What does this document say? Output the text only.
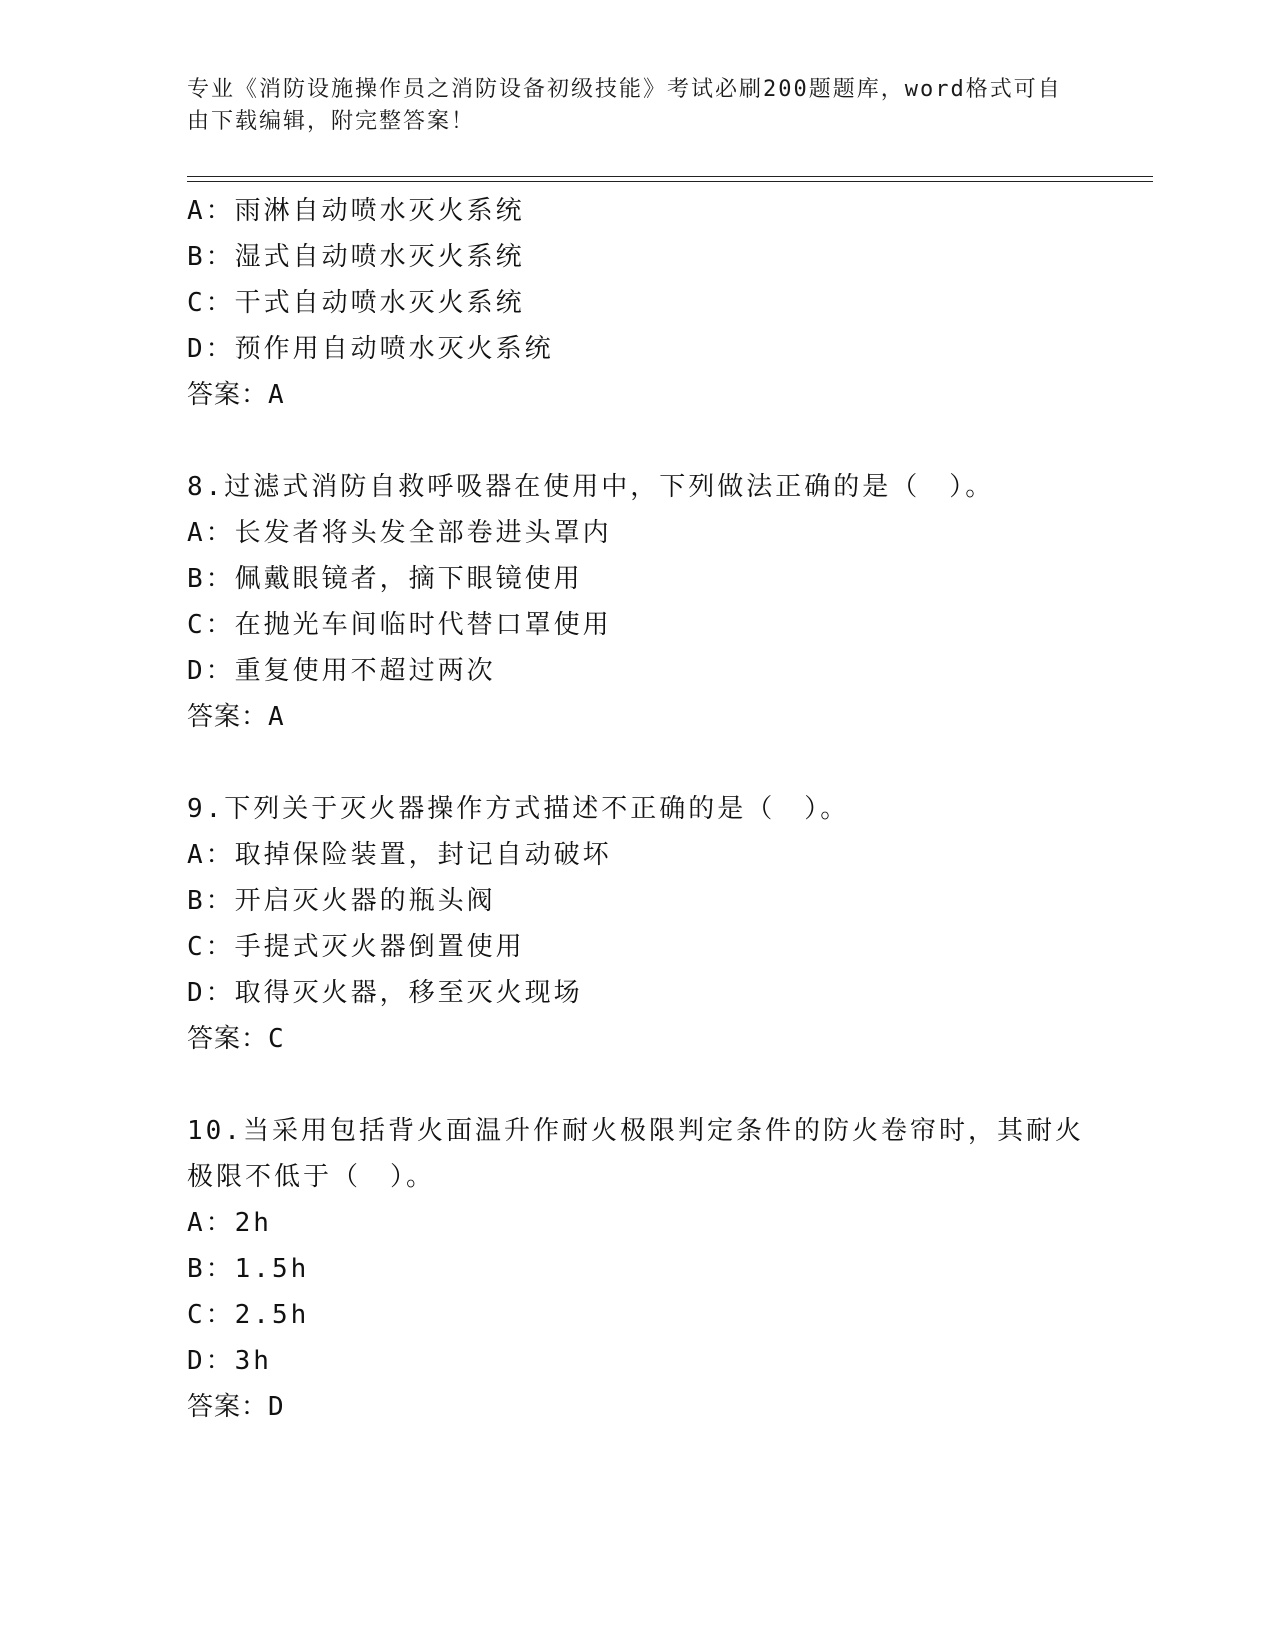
专业《消防设施操作员之消防设备初级技能》考试必刷200题题库，word格式可自由下载编辑，附完整答案！
A：雨淋自动喷水灭火系统
B：湿式自动喷水灭火系统
C：干式自动喷水灭火系统
D：预作用自动喷水灭火系统
答案：A
8.过滤式消防自救呼吸器在使用中，下列做法正确的是（　）。
A：长发者将头发全部卷进头罩内
B：佩戴眼镜者，摘下眼镜使用
C：在抛光车间临时代替口罩使用
D：重复使用不超过两次
答案：A
9.下列关于灭火器操作方式描述不正确的是（　）。
A：取掉保险装置，封记自动破坏
B：开启灭火器的瓶头阀
C：手提式灭火器倒置使用
D：取得灭火器，移至灭火现场
答案：C
10.当采用包括背火面温升作耐火极限判定条件的防火卷帘时，其耐火极限不低于（　）。
A：2h
B：1.5h
C：2.5h
D：3h
答案：D
